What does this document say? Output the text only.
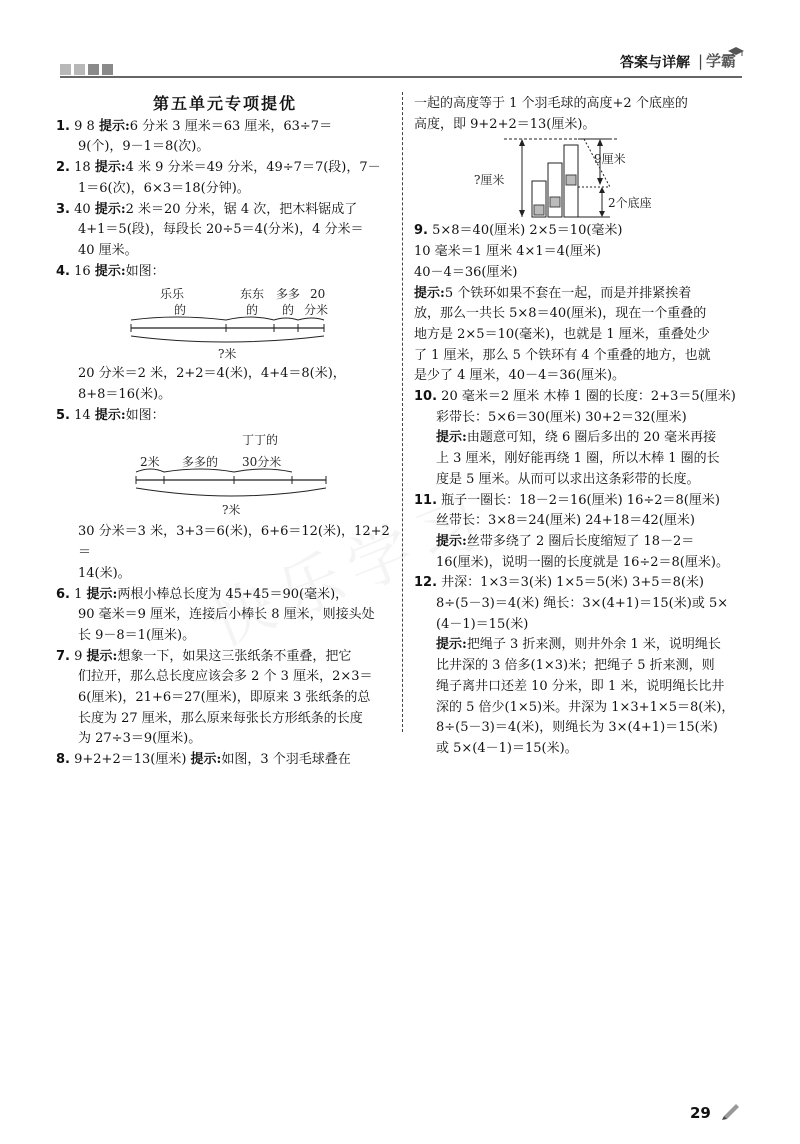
答案与详解 | 学霸

第五单元专项提优

1. 9 8 提示:6 分米 3 厘米＝63 厘米，63÷7＝

9(个)，9－1＝8(次)。

2. 18 提示:4 米 9 分米＝49 分米，49÷7＝7(段)，7－

1＝6(次)，6×3＝18(分钟)。

3. 40 提示:2 米＝20 分米，锯 4 次，把木料锯成了

4+1＝5(段)，每段长 20÷5＝4(分米)，4 分米＝

40 厘米。

4. 16 提示:如图：

乐乐
的
东东
的
多多
的
20
分米
?米

20 分米＝2 米，2+2＝4(米)，4+4＝8(米)，

8+8＝16(米)。

5. 14 提示:如图：

丁丁的
2米 多多的 30分米
?米

30 分米＝3 米，3+3＝6(米)，6+6＝12(米)，12+2＝

14(米)。

6. 1 提示:两根小棒总长度为 45+45＝90(毫米)，

90 毫米＝9 厘米，连接后小棒长 8 厘米，则接头处

长 9－8＝1(厘米)。

7. 9 提示:想象一下，如果这三张纸条不重叠，把它

们拉开，那么总长度应该会多 2 个 3 厘米，2×3＝

6(厘米)，21+6＝27(厘米)，即原来 3 张纸条的总

长度为 27 厘米，那么原来每张长方形纸条的长度

为 27÷3＝9(厘米)。

8. 9+2+2＝13(厘米) 提示:如图，3 个羽毛球叠在

一起的高度等于 1 个羽毛球的高度+2 个底座的

高度，即 9+2+2＝13(厘米)。

?厘米
9厘米
2个底座

9. 5×8＝40(厘米) 2×5＝10(毫米)

10 毫米＝1 厘米 4×1＝4(厘米)

40－4＝36(厘米)

提示:5 个铁环如果不套在一起，而是并排紧挨着

放，那么一共长 5×8＝40(厘米)，现在一个重叠的

地方是 2×5＝10(毫米)，也就是 1 厘米，重叠处少

了 1 厘米，那么 5 个铁环有 4 个重叠的地方，也就

是少了 4 厘米，40－4＝36(厘米)。

10. 20 毫米＝2 厘米 木棒 1 圈的长度：2+3＝5(厘米)

彩带长：5×6＝30(厘米) 30+2＝32(厘米)

提示:由题意可知，绕 6 圈后多出的 20 毫米再接

上 3 厘米，刚好能再绕 1 圈，所以木棒 1 圈的长

度是 5 厘米。从而可以求出这条彩带的长度。

11. 瓶子一圈长：18－2＝16(厘米) 16÷2＝8(厘米)

丝带长：3×8＝24(厘米) 24+18＝42(厘米)

提示:丝带多绕了 2 圈后长度缩短了 18－2＝

16(厘米)，说明一圈的长度就是 16÷2＝8(厘米)。

12. 井深：1×3＝3(米) 1×5＝5(米) 3+5＝8(米)

8÷(5－3)＝4(米) 绳长：3×(4+1)＝15(米)或 5×

(4－1)＝15(米)

提示:把绳子 3 折来测，则井外余 1 米，说明绳长

比井深的 3 倍多(1×3)米；把绳子 5 折来测，则

绳子离井口还差 10 分米，即 1 米，说明绳长比井

深的 5 倍少(1×5)米。井深为 1×3+1×5＝8(米)，

8÷(5－3)＝4(米)，则绳长为 3×(4+1)＝15(米)

或 5×(4－1)＝15(米)。

29
